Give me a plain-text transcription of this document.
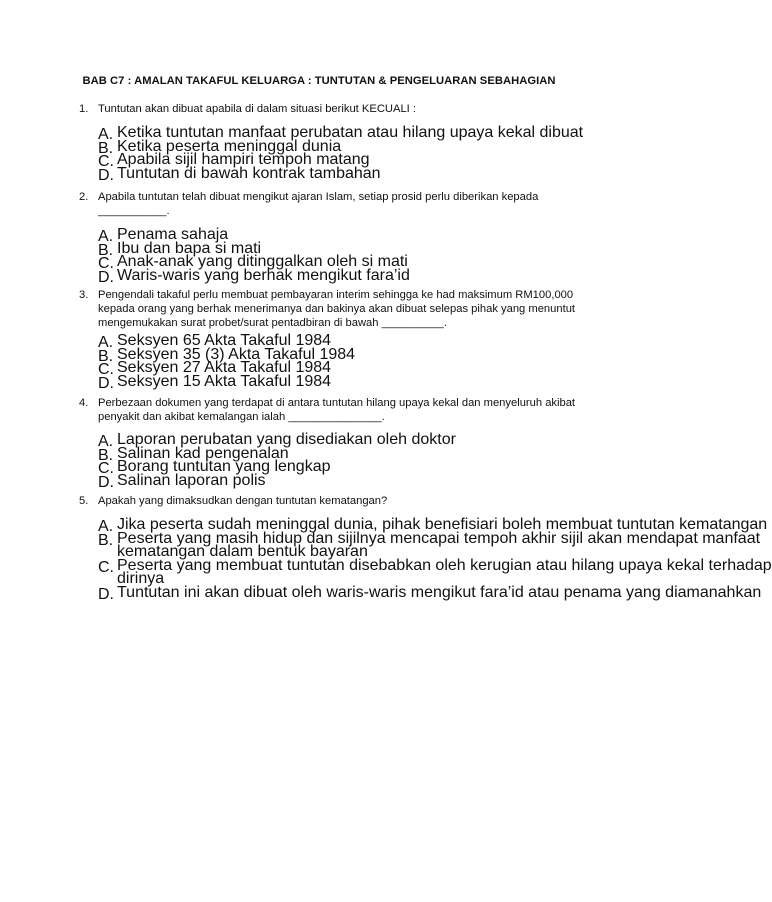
BAB C7 : AMALAN TAKAFUL KELUARGA : TUNTUTAN & PENGELUARAN SEBAHAGIAN
1. Tuntutan akan dibuat apabila di dalam situasi berikut KECUALI :
A. Ketika tuntutan manfaat perubatan atau hilang upaya kekal dibuat
B. Ketika peserta meninggal dunia
C. Apabila sijil hampiri tempoh matang
D. Tuntutan di bawah kontrak tambahan
2. Apabila tuntutan telah dibuat mengikut ajaran Islam, setiap prosid perlu diberikan kepada
___________.
A. Penama sahaja
B. Ibu dan bapa si mati
C. Anak-anak yang ditinggalkan oleh si mati
D. Waris-waris yang berhak mengikut fara’id
3. Pengendali takaful perlu membuat pembayaran interim sehingga ke had maksimum RM100,000
kepada orang yang berhak menerimanya dan bakinya akan dibuat selepas pihak yang menuntut
mengemukakan surat probet/surat pentadbiran di bawah __________.
A. Seksyen 65 Akta Takaful 1984
B. Seksyen 35 (3) Akta Takaful 1984
C. Seksyen 27 Akta Takaful 1984
D. Seksyen 15 Akta Takaful 1984
4. Perbezaan dokumen yang terdapat di antara tuntutan hilang upaya kekal dan menyeluruh akibat
penyakit dan akibat kemalangan ialah _______________.
A. Laporan perubatan yang disediakan oleh doktor
B. Salinan kad pengenalan
C. Borang tuntutan yang lengkap
D. Salinan laporan polis
5. Apakah yang dimaksudkan dengan tuntutan kematangan?
A. Jika peserta sudah meninggal dunia, pihak benefisiari boleh membuat tuntutan kematangan
B. Peserta yang masih hidup dan sijilnya mencapai tempoh akhir sijil akan mendapat manfaat
kematangan dalam bentuk bayaran
C. Peserta yang membuat tuntutan disebabkan oleh kerugian atau hilang upaya kekal terhadap
dirinya
D. Tuntutan ini akan dibuat oleh waris-waris mengikut fara’id atau penama yang diamanahkan
